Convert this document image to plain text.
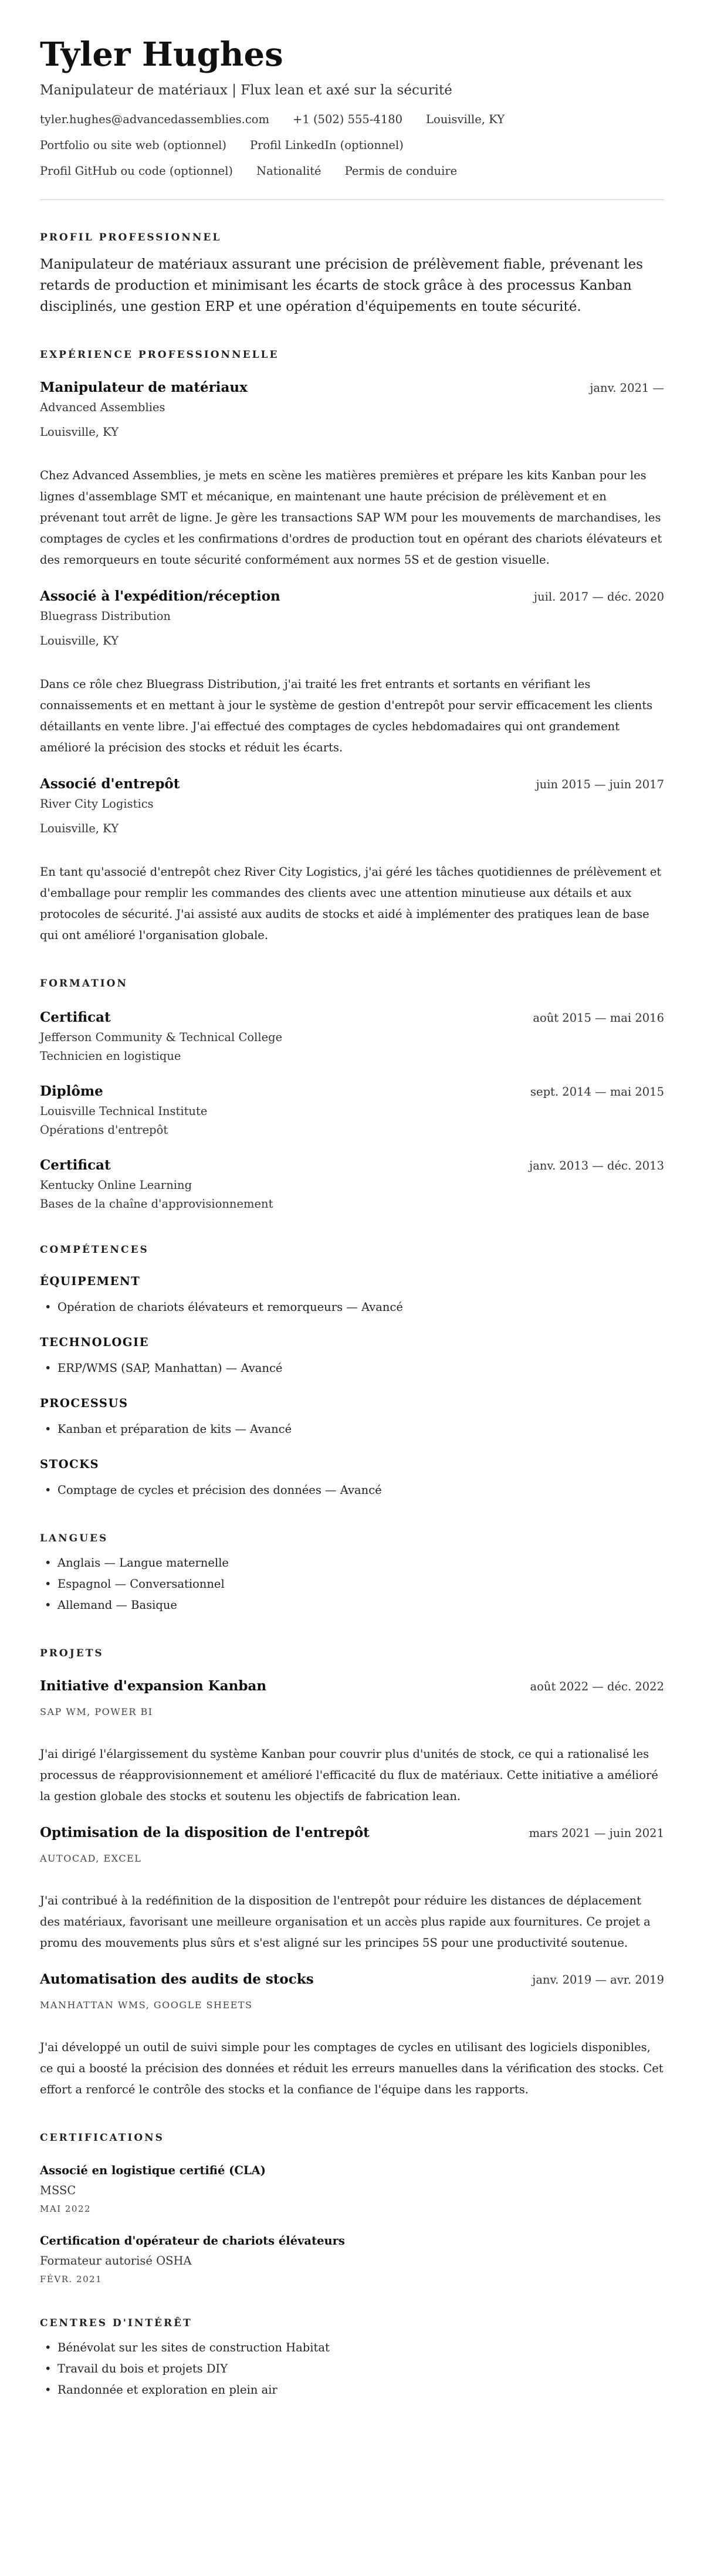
Tyler Hughes
Manipulateur de matériaux | Flux lean et axé sur la sécurité
tyler.hughes@advancedassemblies.com +1 (502) 555-4180 Louisville, KY
Portfolio ou site web (optionnel) Profil LinkedIn (optionnel)
Profil GitHub ou code (optionnel) Nationalité Permis de conduire
PROFIL PROFESSIONNEL

Manipulateur de matériaux assurant une précision de prélèvement fiable, prévenant les retards de production et minimisant les écarts de stock grâce à des processus Kanban disciplinés, une gestion ERP et une opération d'équipements en toute sécurité.

EXPÉRIENCE PROFESSIONNELLE
Manipulateur de matériaux	janv. 2021 —
Advanced Assemblies
Louisville, KY

Chez Advanced Assemblies, je mets en scène les matières premières et prépare les kits Kanban pour les lignes d'assemblage SMT et mécanique, en maintenant une haute précision de prélèvement et en prévenant tout arrêt de ligne. Je gère les transactions SAP WM pour les mouvements de marchandises, les comptages de cycles et les confirmations d'ordres de production tout en opérant des chariots élévateurs et des remorqueurs en toute sécurité conformément aux normes 5S et de gestion visuelle.

Associé à l'expédition/réception	juil. 2017 — déc. 2020
Bluegrass Distribution
Louisville, KY

Dans ce rôle chez Bluegrass Distribution, j'ai traité les fret entrants et sortants en vérifiant les connaissements et en mettant à jour le système de gestion d'entrepôt pour servir efficacement les clients détaillants en vente libre. J'ai effectué des comptages de cycles hebdomadaires qui ont grandement amélioré la précision des stocks et réduit les écarts.

Associé d'entrepôt	juin 2015 — juin 2017
River City Logistics
Louisville, KY

En tant qu'associé d'entrepôt chez River City Logistics, j'ai géré les tâches quotidiennes de prélèvement et d'emballage pour remplir les commandes des clients avec une attention minutieuse aux détails et aux protocoles de sécurité. J'ai assisté aux audits de stocks et aidé à implémenter des pratiques lean de base qui ont amélioré l'organisation globale.

FORMATION
Certificat	août 2015 — mai 2016
Jefferson Community & Technical College
Technicien en logistique
Diplôme	sept. 2014 — mai 2015
Louisville Technical Institute
Opérations d'entrepôt
Certificat	janv. 2013 — déc. 2013
Kentucky Online Learning
Bases de la chaîne d'approvisionnement
COMPÉTENCES
ÉQUIPEMENT
• Opération de chariots élévateurs et remorqueurs — Avancé
TECHNOLOGIE
• ERP/WMS (SAP, Manhattan) — Avancé
PROCESSUS
• Kanban et préparation de kits — Avancé
STOCKS
• Comptage de cycles et précision des données — Avancé
LANGUES
• Anglais — Langue maternelle
• Espagnol — Conversationnel
• Allemand — Basique
PROJETS
Initiative d'expansion Kanban	août 2022 — déc. 2022
SAP WM, POWER BI

J'ai dirigé l'élargissement du système Kanban pour couvrir plus d'unités de stock, ce qui a rationalisé les processus de réapprovisionnement et amélioré l'efficacité du flux de matériaux. Cette initiative a amélioré la gestion globale des stocks et soutenu les objectifs de fabrication lean.

Optimisation de la disposition de l'entrepôt	mars 2021 — juin 2021
AUTOCAD, EXCEL

J'ai contribué à la redéfinition de la disposition de l'entrepôt pour réduire les distances de déplacement des matériaux, favorisant une meilleure organisation et un accès plus rapide aux fournitures. Ce projet a promu des mouvements plus sûrs et s'est aligné sur les principes 5S pour une productivité soutenue.

Automatisation des audits de stocks	janv. 2019 — avr. 2019
MANHATTAN WMS, GOOGLE SHEETS

J'ai développé un outil de suivi simple pour les comptages de cycles en utilisant des logiciels disponibles, ce qui a boosté la précision des données et réduit les erreurs manuelles dans la vérification des stocks. Cet effort a renforcé le contrôle des stocks et la confiance de l'équipe dans les rapports.

CERTIFICATIONS
Associé en logistique certifié (CLA)
MSSC
MAI 2022
Certification d'opérateur de chariots élévateurs
Formateur autorisé OSHA
FÉVR. 2021
CENTRES D'INTÉRÊT
• Bénévolat sur les sites de construction Habitat
• Travail du bois et projets DIY
• Randonnée et exploration en plein air
